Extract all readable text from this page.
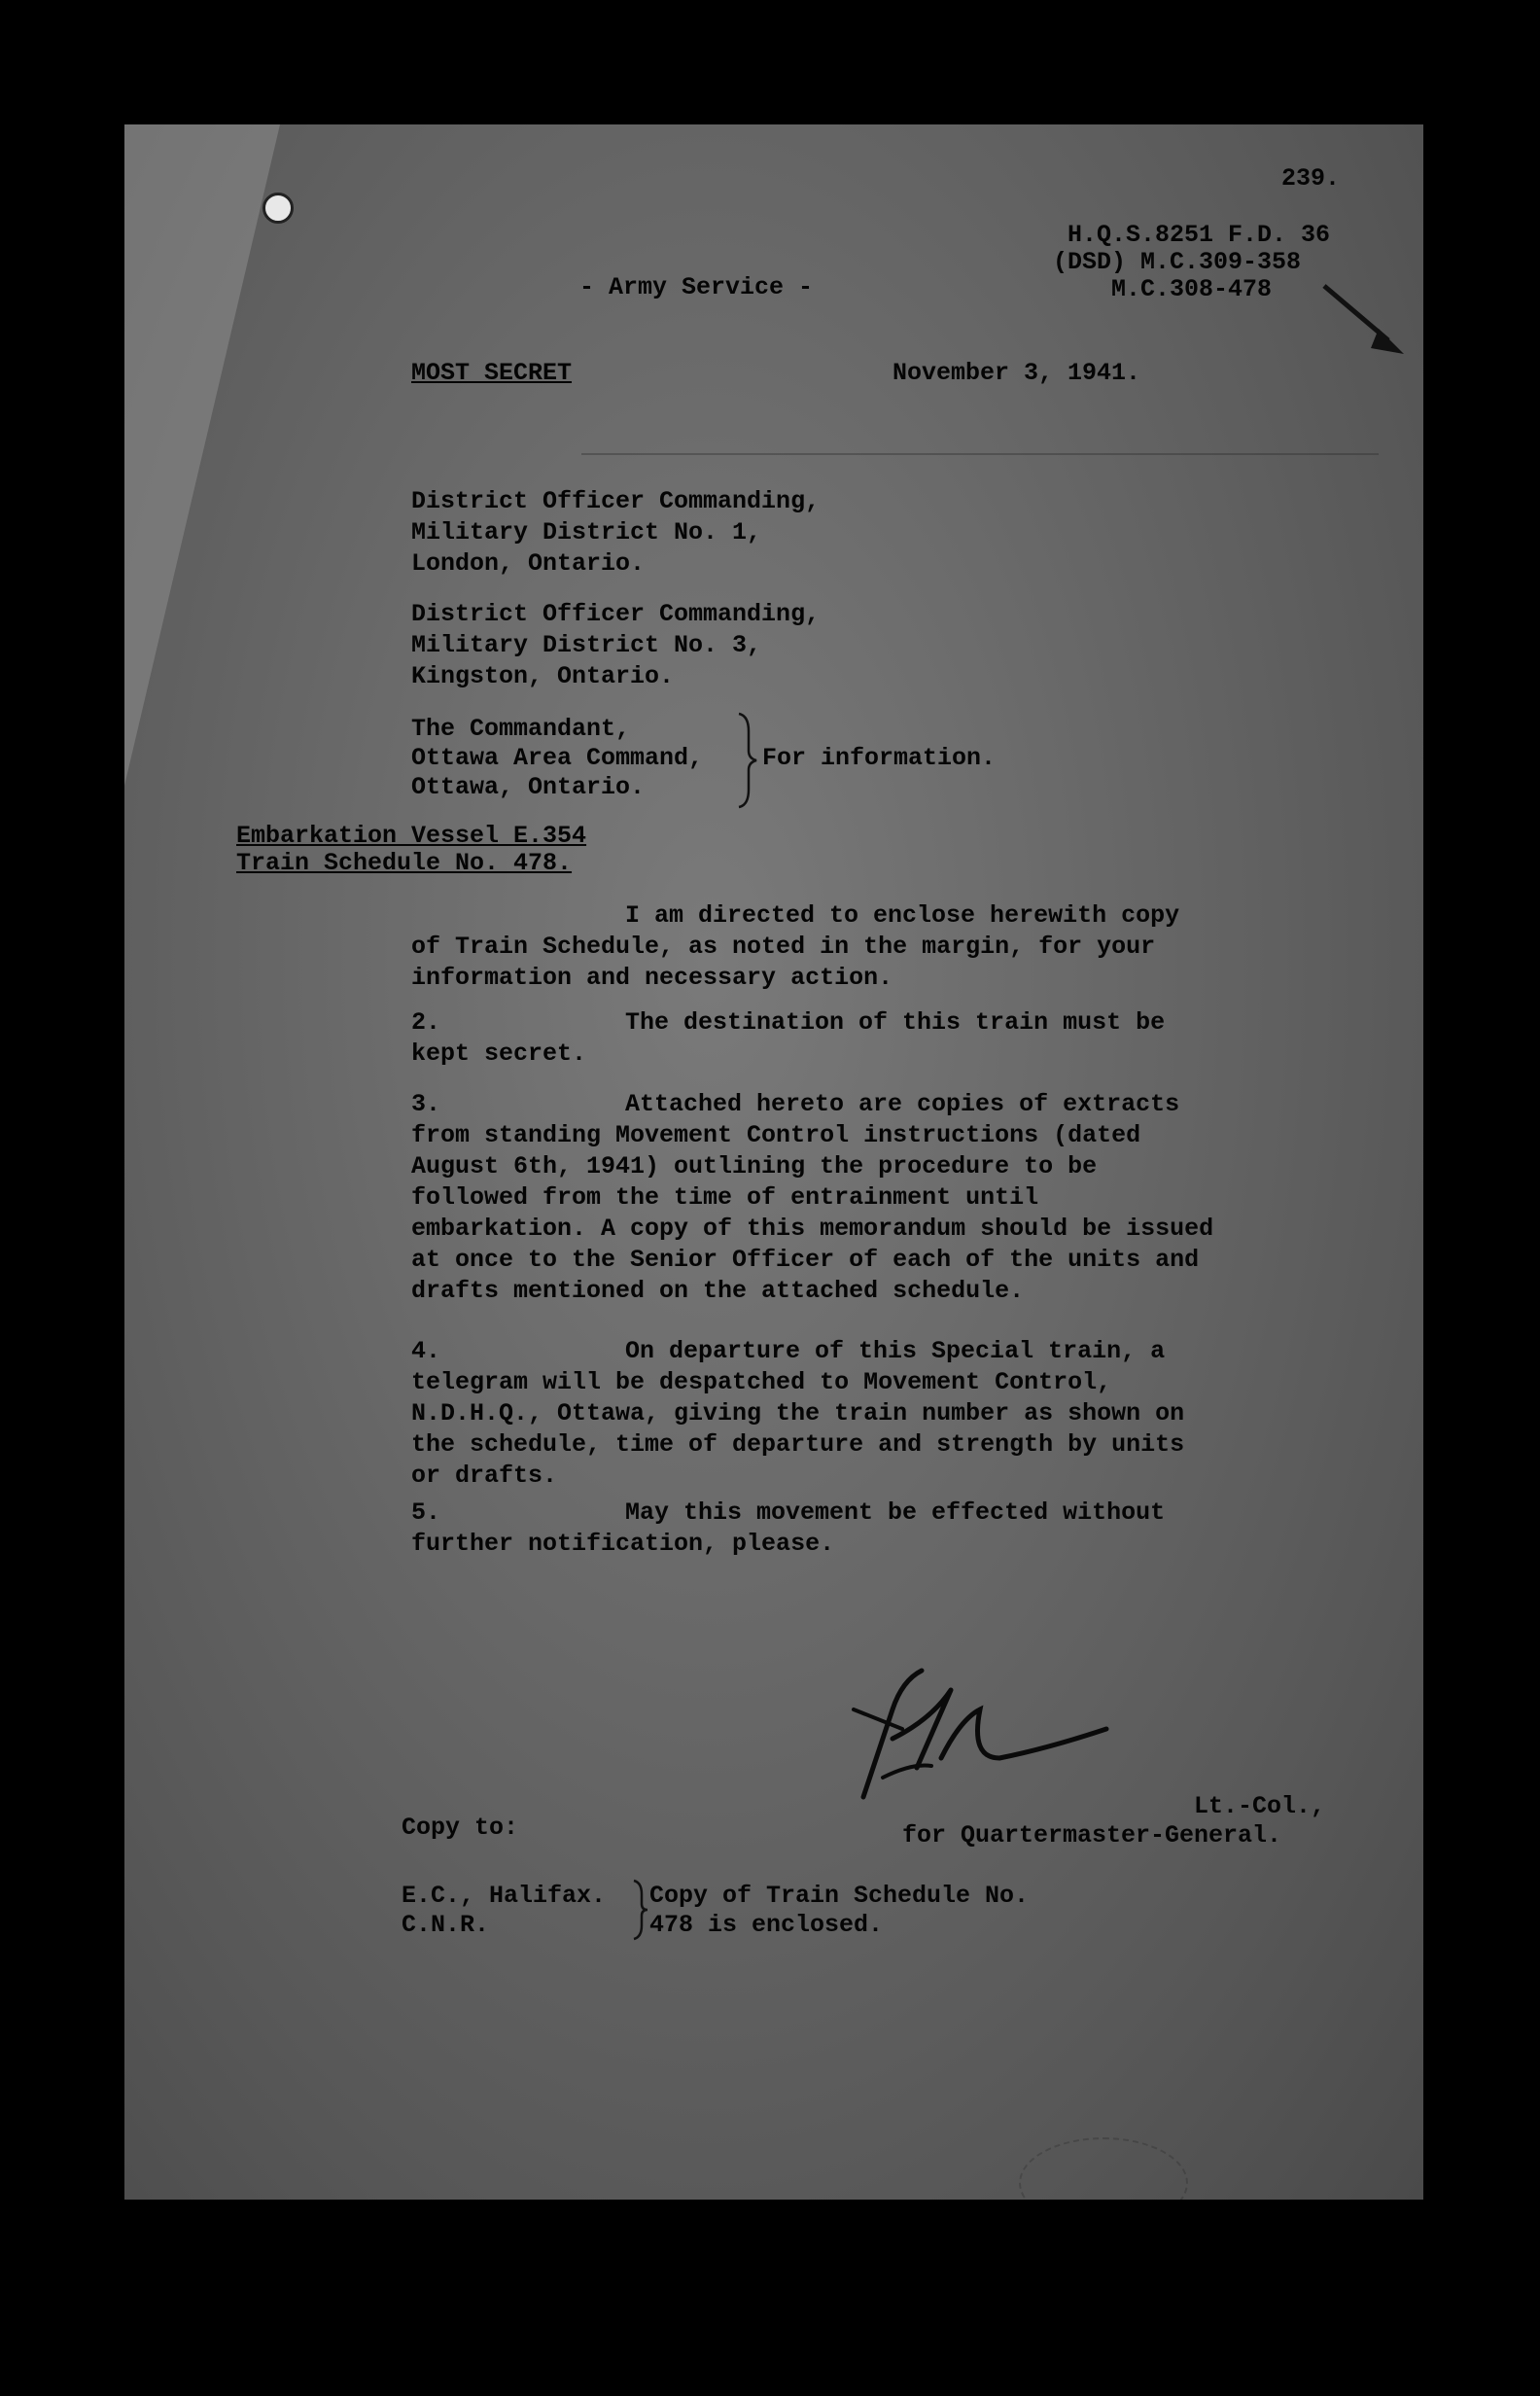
239.
H.Q.S.8251 F.D. 36
(DSD) M.C.309-358
M.C.308-478
- Army Service -
MOST SECRET	November 3, 1941.
District Officer Commanding,
Military District No. 1,
London, Ontario.
District Officer Commanding,
Military District No. 3,
Kingston, Ontario.
The Commandant,
Ottawa Area Command,
Ottawa, Ontario.
For information.
Embarkation Vessel E.354
Train Schedule No. 478.
I am directed to enclose herewith copy of Train Schedule, as noted in the margin, for your information and necessary action.
2.	The destination of this train must be kept secret.
3.	Attached hereto are copies of extracts from standing Movement Control instructions (dated August 6th, 1941) outlining the procedure to be followed from the time of entrainment until embarkation. A copy of this memorandum should be issued at once to the Senior Officer of each of the units and drafts mentioned on the attached schedule.
4.	On departure of this Special train, a telegram will be despatched to Movement Control, N.D.H.Q., Ottawa, giving the train number as shown on the schedule, time of departure and strength by units or drafts.
5.	May this movement be effected without further notification, please.
Lt.-Col.,
for Quartermaster-General.
Copy to:
E.C., Halifax.
C.N.R.
Copy of Train Schedule No.
478 is enclosed.
